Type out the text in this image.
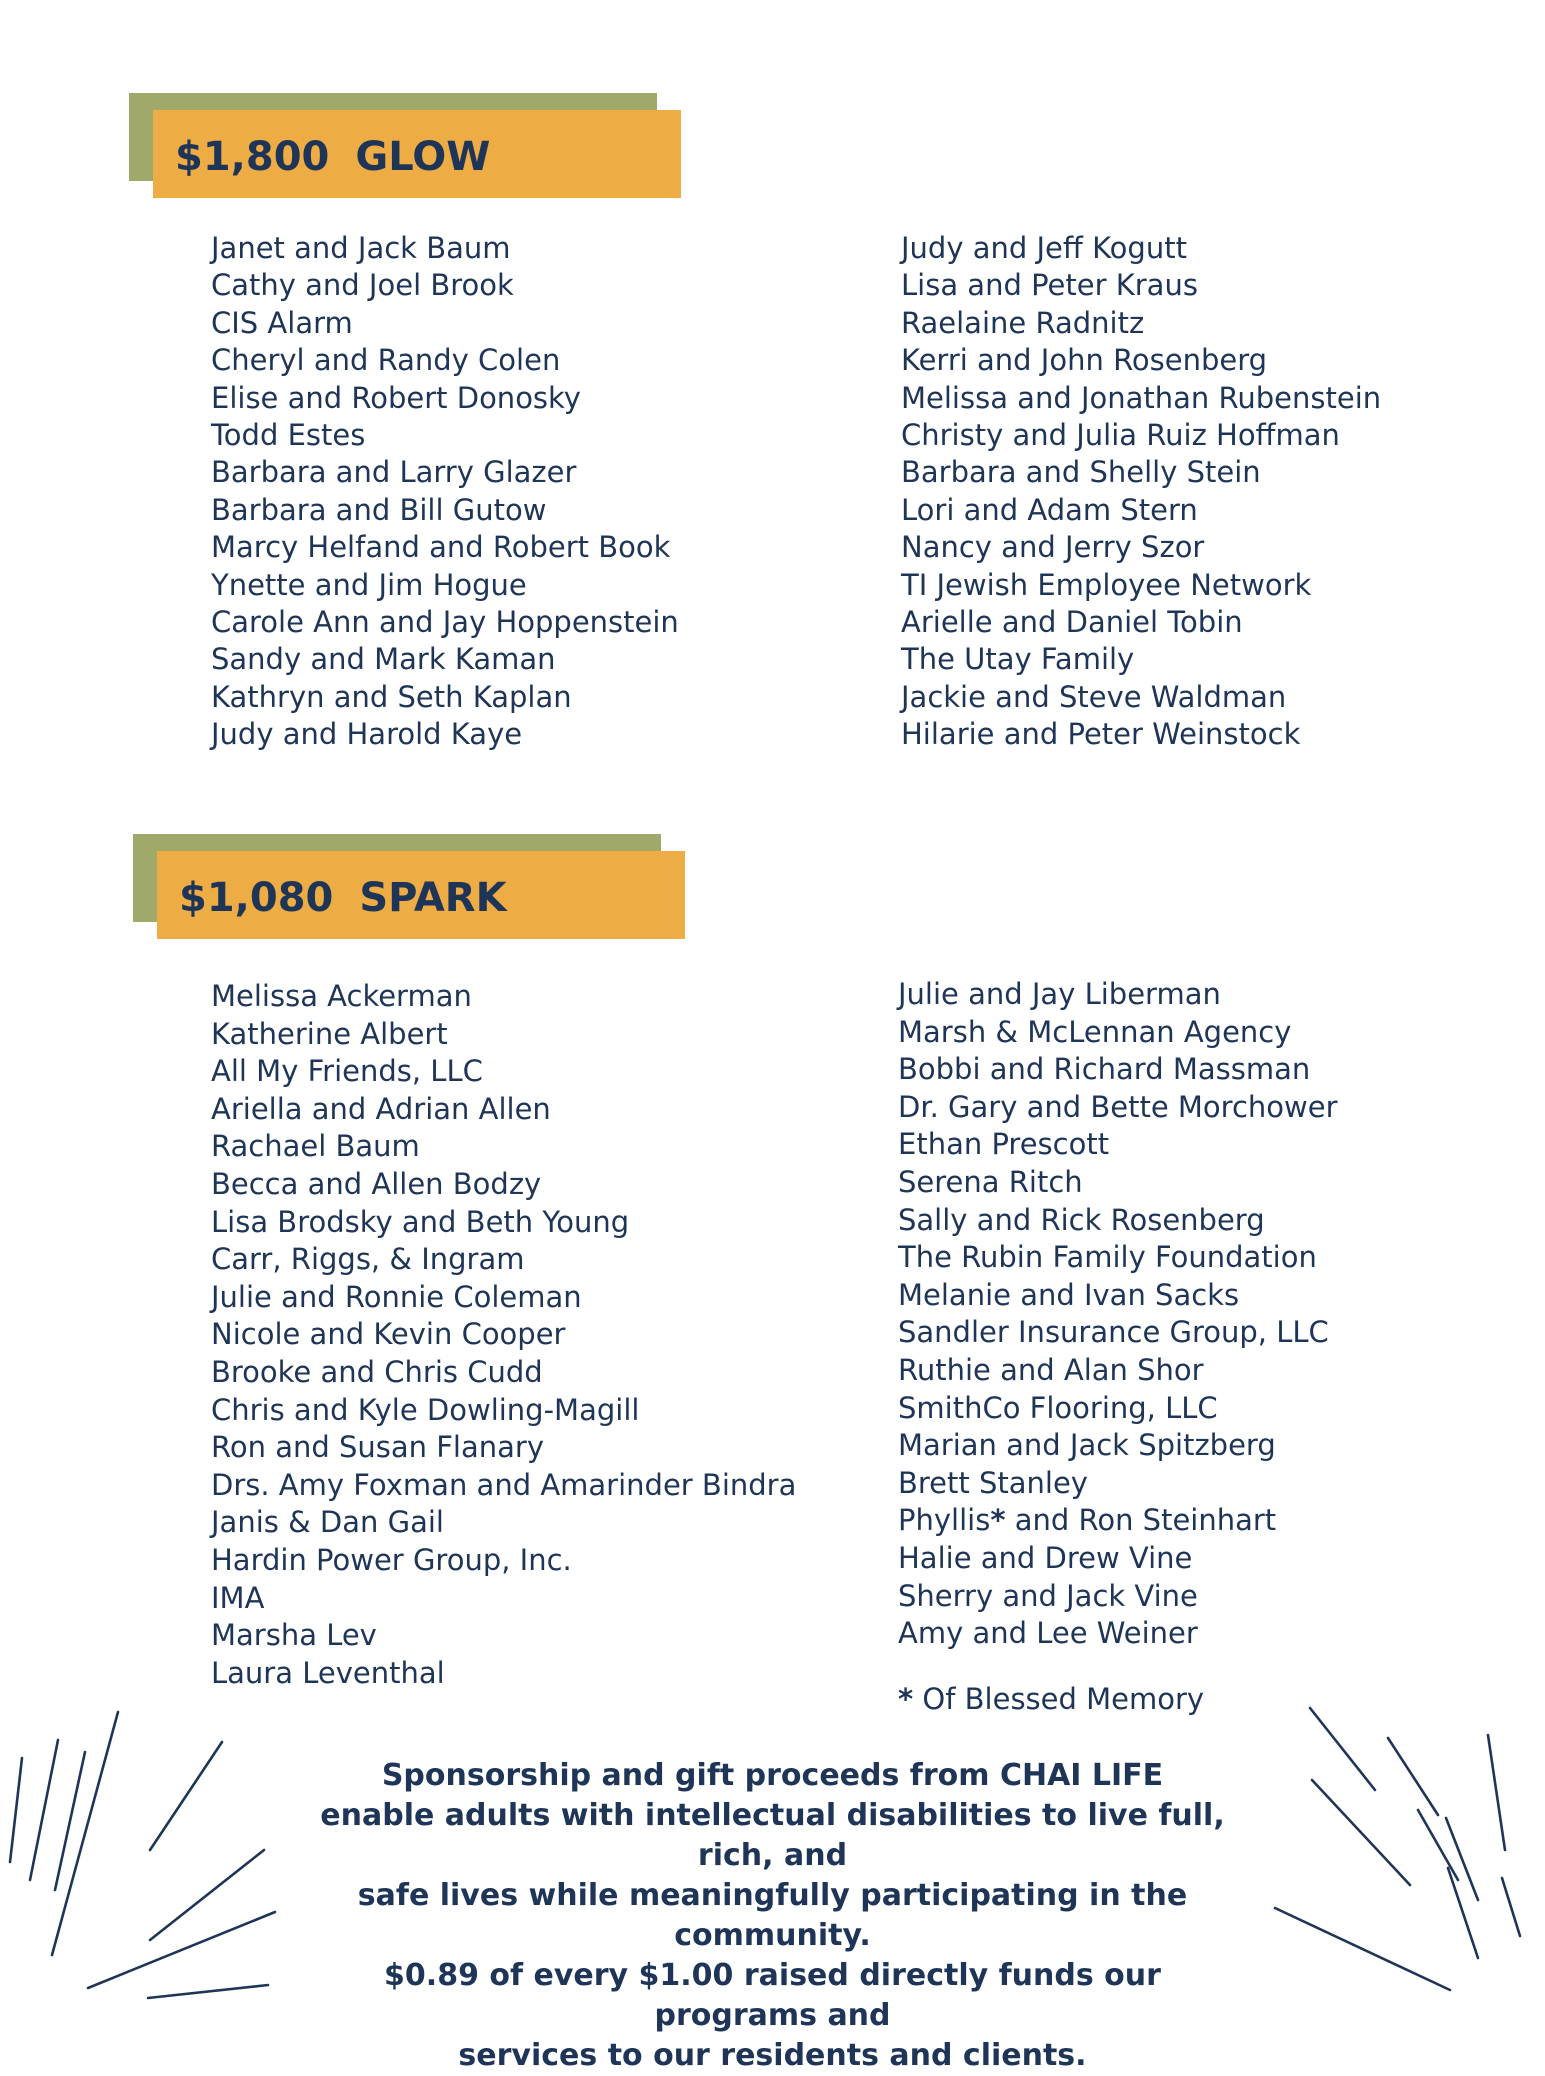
$1,800 GLOW
Janet and Jack Baum
Cathy and Joel Brook
CIS Alarm
Cheryl and Randy Colen
Elise and Robert Donosky
Todd Estes
Barbara and Larry Glazer
Barbara and Bill Gutow
Marcy Helfand and Robert Book
Ynette and Jim Hogue
Carole Ann and Jay Hoppenstein
Sandy and Mark Kaman
Kathryn and Seth Kaplan
Judy and Harold Kaye
Judy and Jeff Kogutt
Lisa and Peter Kraus
Raelaine Radnitz
Kerri and John Rosenberg
Melissa and Jonathan Rubenstein
Christy and Julia Ruiz Hoffman
Barbara and Shelly Stein
Lori and Adam Stern
Nancy and Jerry Szor
TI Jewish Employee Network
Arielle and Daniel Tobin
The Utay Family
Jackie and Steve Waldman
Hilarie and Peter Weinstock
$1,080 SPARK
Melissa Ackerman
Katherine Albert
All My Friends, LLC
Ariella and Adrian Allen
Rachael Baum
Becca and Allen Bodzy
Lisa Brodsky and Beth Young
Carr, Riggs, & Ingram
Julie and Ronnie Coleman
Nicole and Kevin Cooper
Brooke and Chris Cudd
Chris and Kyle Dowling-Magill
Ron and Susan Flanary
Drs. Amy Foxman and Amarinder Bindra
Janis & Dan Gail
Hardin Power Group, Inc.
IMA
Marsha Lev
Laura Leventhal
Julie and Jay Liberman
Marsh & McLennan Agency
Bobbi and Richard Massman
Dr. Gary and Bette Morchower
Ethan Prescott
Serena Ritch
Sally and Rick Rosenberg
The Rubin Family Foundation
Melanie and Ivan Sacks
Sandler Insurance Group, LLC
Ruthie and Alan Shor
SmithCo Flooring, LLC
Marian and Jack Spitzberg
Brett Stanley
Phyllis* and Ron Steinhart
Halie and Drew Vine
Sherry and Jack Vine
Amy and Lee Weiner
* Of Blessed Memory
Sponsorship and gift proceeds from CHAI LIFE
enable adults with intellectual disabilities to live full, rich, and
safe lives while meaningfully participating in the community.
$0.89 of every $1.00 raised directly funds our programs and
services to our residents and clients.
